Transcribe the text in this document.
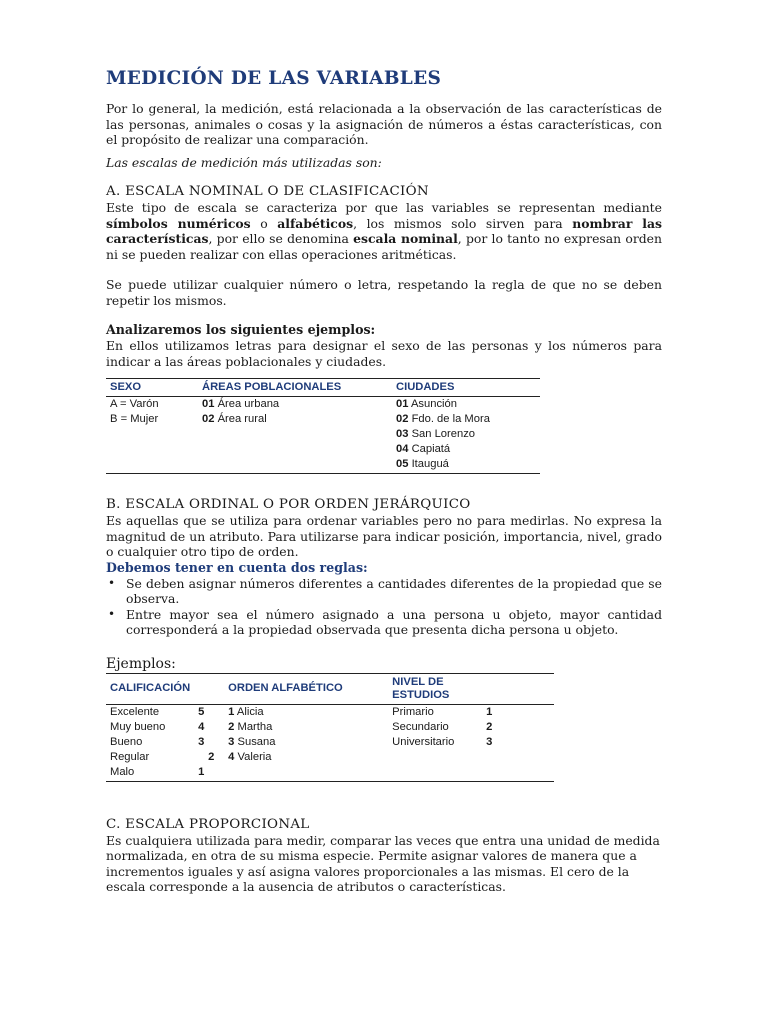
MEDICIÓN DE LAS VARIABLES

Por lo general, la medición, está relacionada a la observación de las características de las personas, animales o cosas y la asignación de números a éstas características, con el propósito de realizar una comparación.

Las escalas de medición más utilizadas son:

A. ESCALA NOMINAL O DE CLASIFICACIÓN

Este tipo de escala se caracteriza por que las variables se representan mediante símbolos numéricos o alfabéticos, los mismos solo sirven para nombrar las características, por ello se denomina escala nominal, por lo tanto no expresan orden ni se pueden realizar con ellas operaciones aritméticas.

Se puede utilizar cualquier número o letra, respetando la regla de que no se deben repetir los mismos.

Analizaremos los siguientes ejemplos:

En ellos utilizamos letras para designar el sexo de las personas y los números para indicar a las áreas poblacionales y ciudades.

SEXO	ÁREAS POBLACIONALES	CIUDADES
A = Varón	01 Área urbana	01 Asunción
B = Mujer	02 Área rural	02 Fdo. de la Mora
		03 San Lorenzo
		04 Capiatá
		05 Itauguá
B. ESCALA ORDINAL O POR ORDEN JERÁRQUICO

Es aquellas que se utiliza para ordenar variables pero no para medirlas. No expresa la magnitud de un atributo. Para utilizarse para indicar posición, importancia, nivel, grado o cualquier otro tipo de orden.

Debemos tener en cuenta dos reglas:

• Se deben asignar números diferentes a cantidades diferentes de la propiedad que se observa.
• Entre mayor sea el número asignado a una persona u objeto, mayor cantidad corresponderá a la propiedad observada que presenta dicha persona u objeto.

Ejemplos:

CALIFICACIÓN		ORDEN ALFABÉTICO	NIVEL DE ESTUDIOS	
Excelente	5	1 Alicia	Primario	1
Muy bueno	4	2 Martha	Secundario	2
Bueno	3	3 Susana	Universitario	3
Regular	2	4 Valeria		
Malo	1			
C. ESCALA PROPORCIONAL

Es cualquiera utilizada para medir, comparar las veces que entra una unidad de medida normalizada, en otra de su misma especie. Permite asignar valores de manera que a incrementos iguales y así asigna valores proporcionales a las mismas. El cero de la escala corresponde a la ausencia de atributos o características.
